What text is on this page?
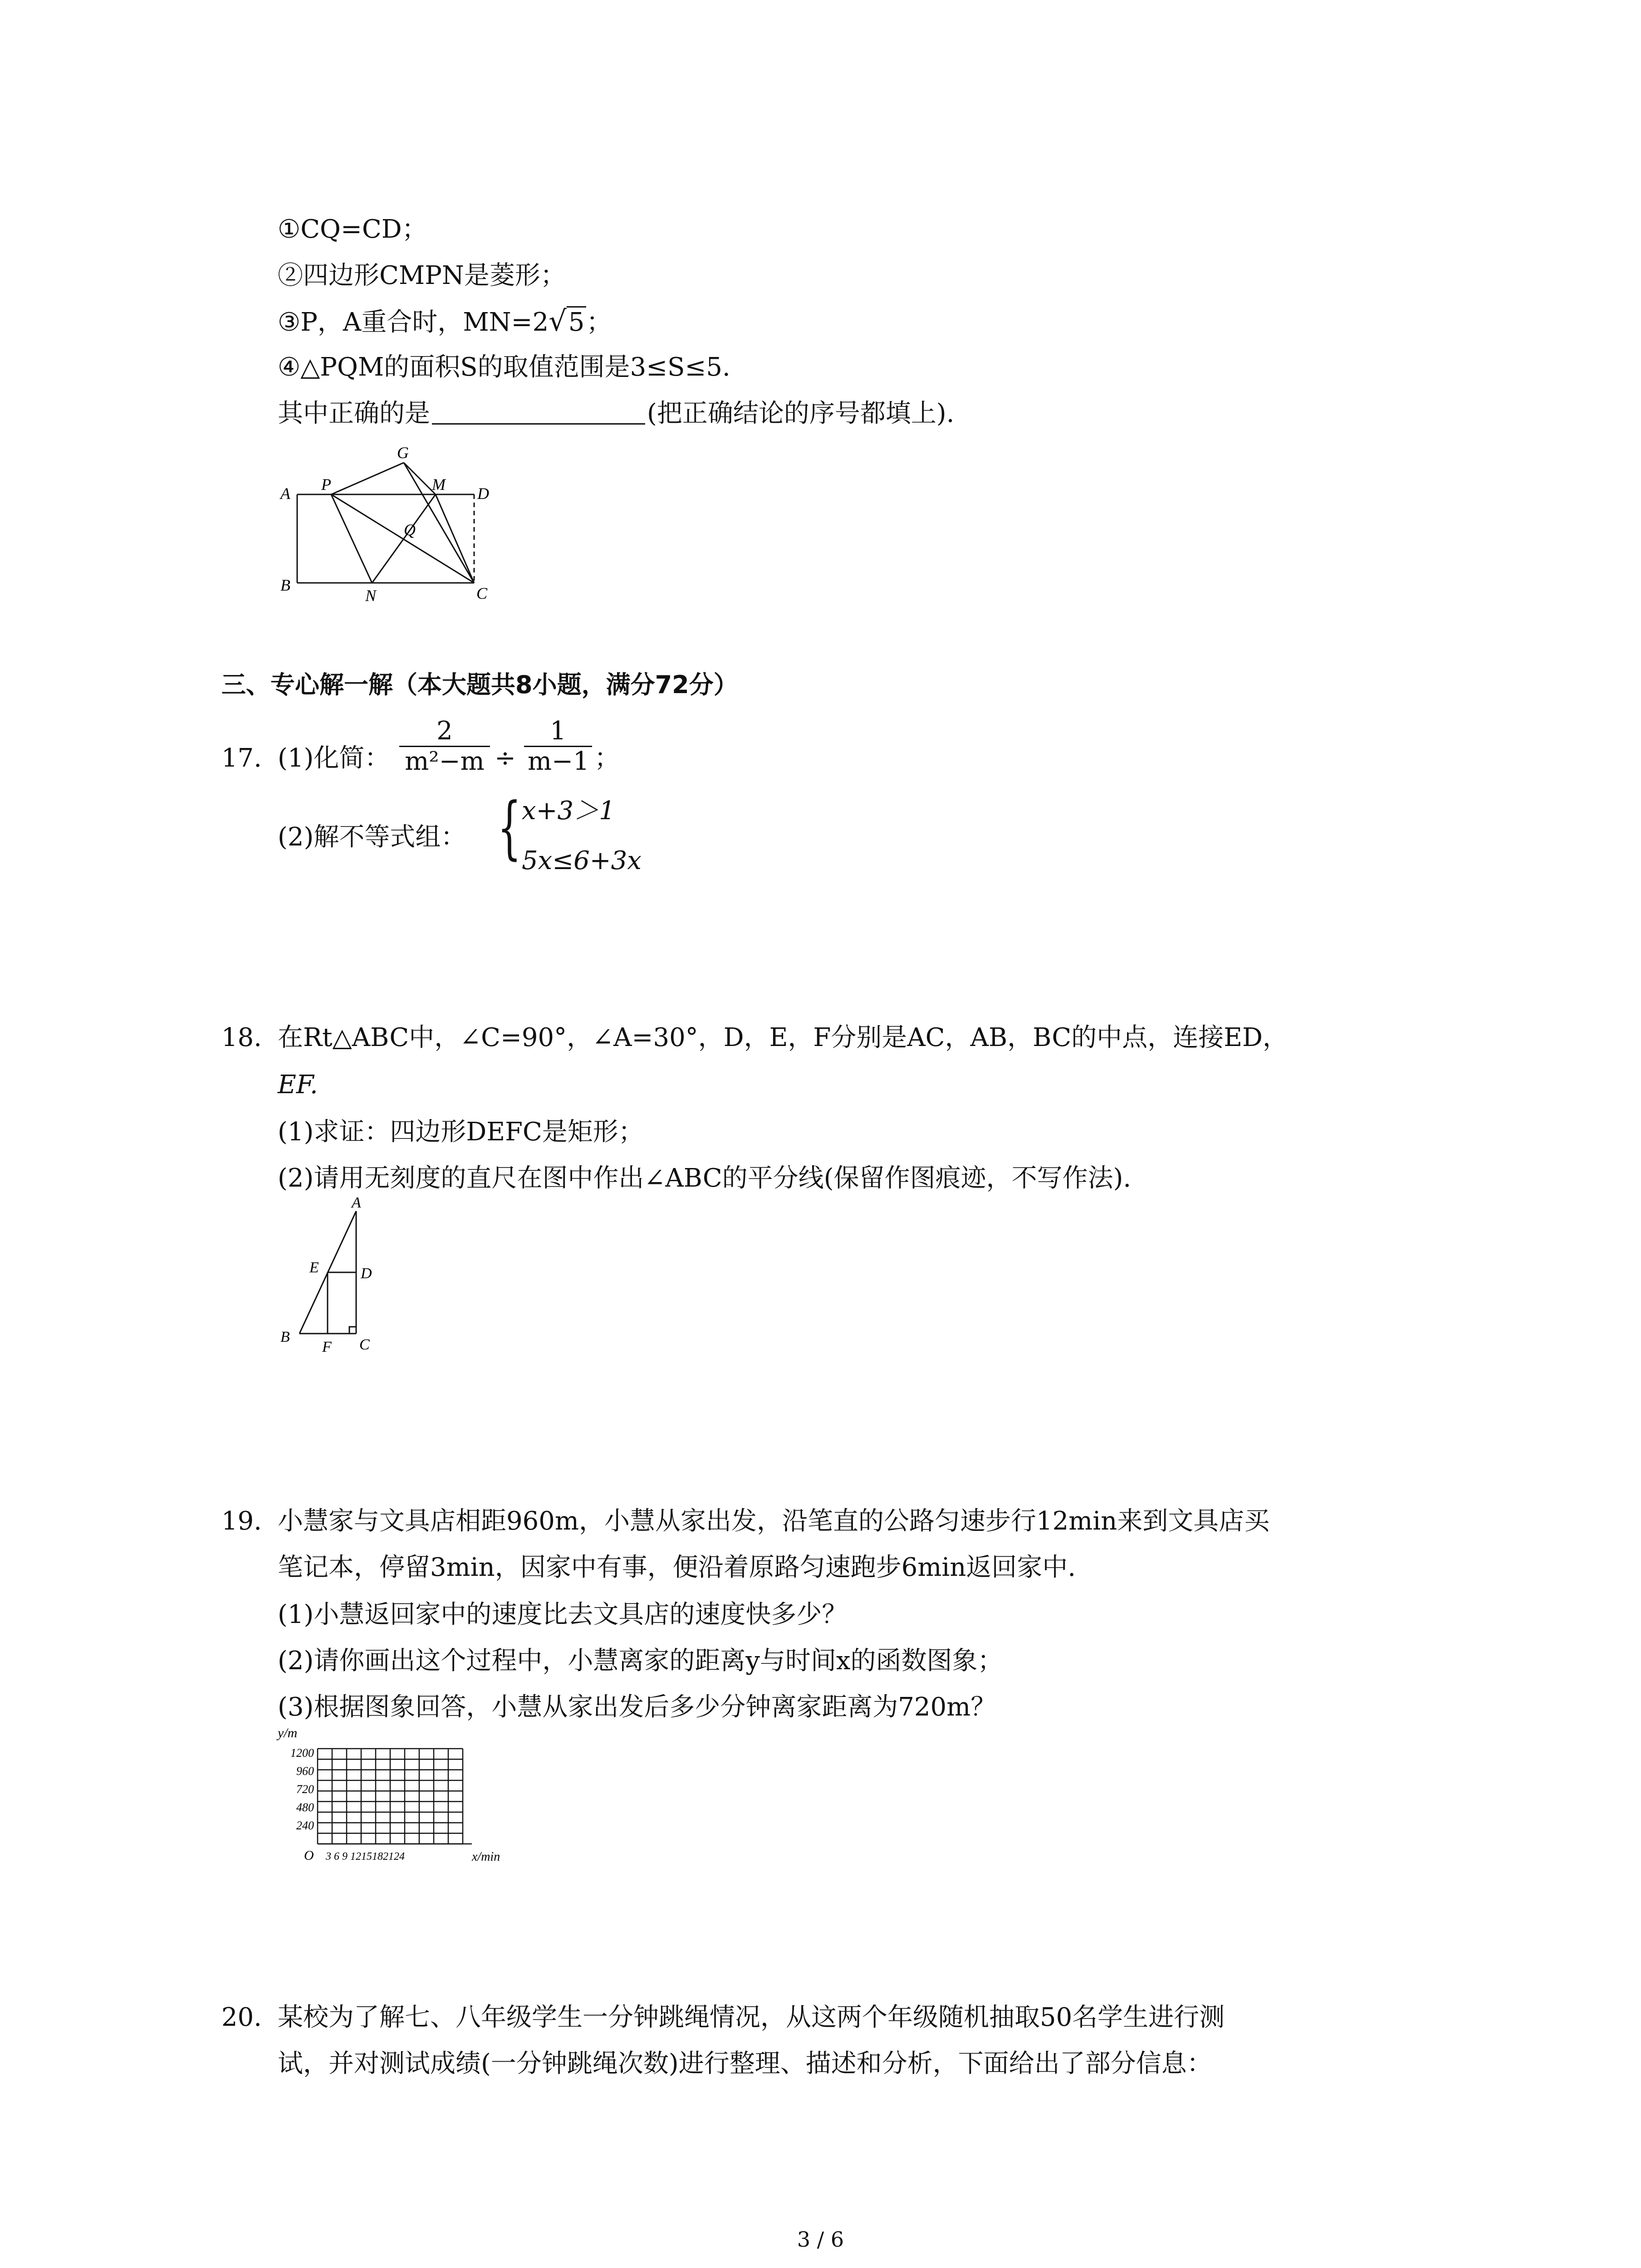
①CQ=CD；
②四边形CMPN是菱形；
③P，A重合时，MN=2√5；
④△PQM的面积S的取值范围是3≤S≤5.
其中正确的是	(把正确结论的序号都填上).
A
B	C
D
G
M
N
P
Q
三、专心解一解（本大题共8小题，满分72分）
17. (1)化简：
2
m²−m ÷
1
m−1 ；
(2)解不等式组： { x+3＞1
5x≤6+3x
18. 在Rt△ABC中，∠C=90°，∠A=30°，D，E，F分别是AC，AB，BC的中点，连接ED，
EF.
(1)求证：四边形DEFC是矩形；
(2)请用无刻度的直尺在图中作出∠ABC的平分线(保留作图痕迹，不写作法).
A
B	C
D
E
F
19. 小慧家与文具店相距960m，小慧从家出发，沿笔直的公路匀速步行12min来到文具店买
笔记本，停留3min，因家中有事，便沿着原路匀速跑步6min返回家中.
(1)小慧返回家中的速度比去文具店的速度快多少？
(2)请你画出这个过程中，小慧离家的距离y与时间x的函数图象；
(3)根据图象回答，小慧从家出发后多少分钟离家距离为720m？
y/m
O	x/min
3 6 9 1215182124
240
480
720
960
1200
20. 某校为了解七、八年级学生一分钟跳绳情况，从这两个年级随机抽取50名学生进行测
试，并对测试成绩(一分钟跳绳次数)进行整理、描述和分析，下面给出了部分信息：
3 / 6
